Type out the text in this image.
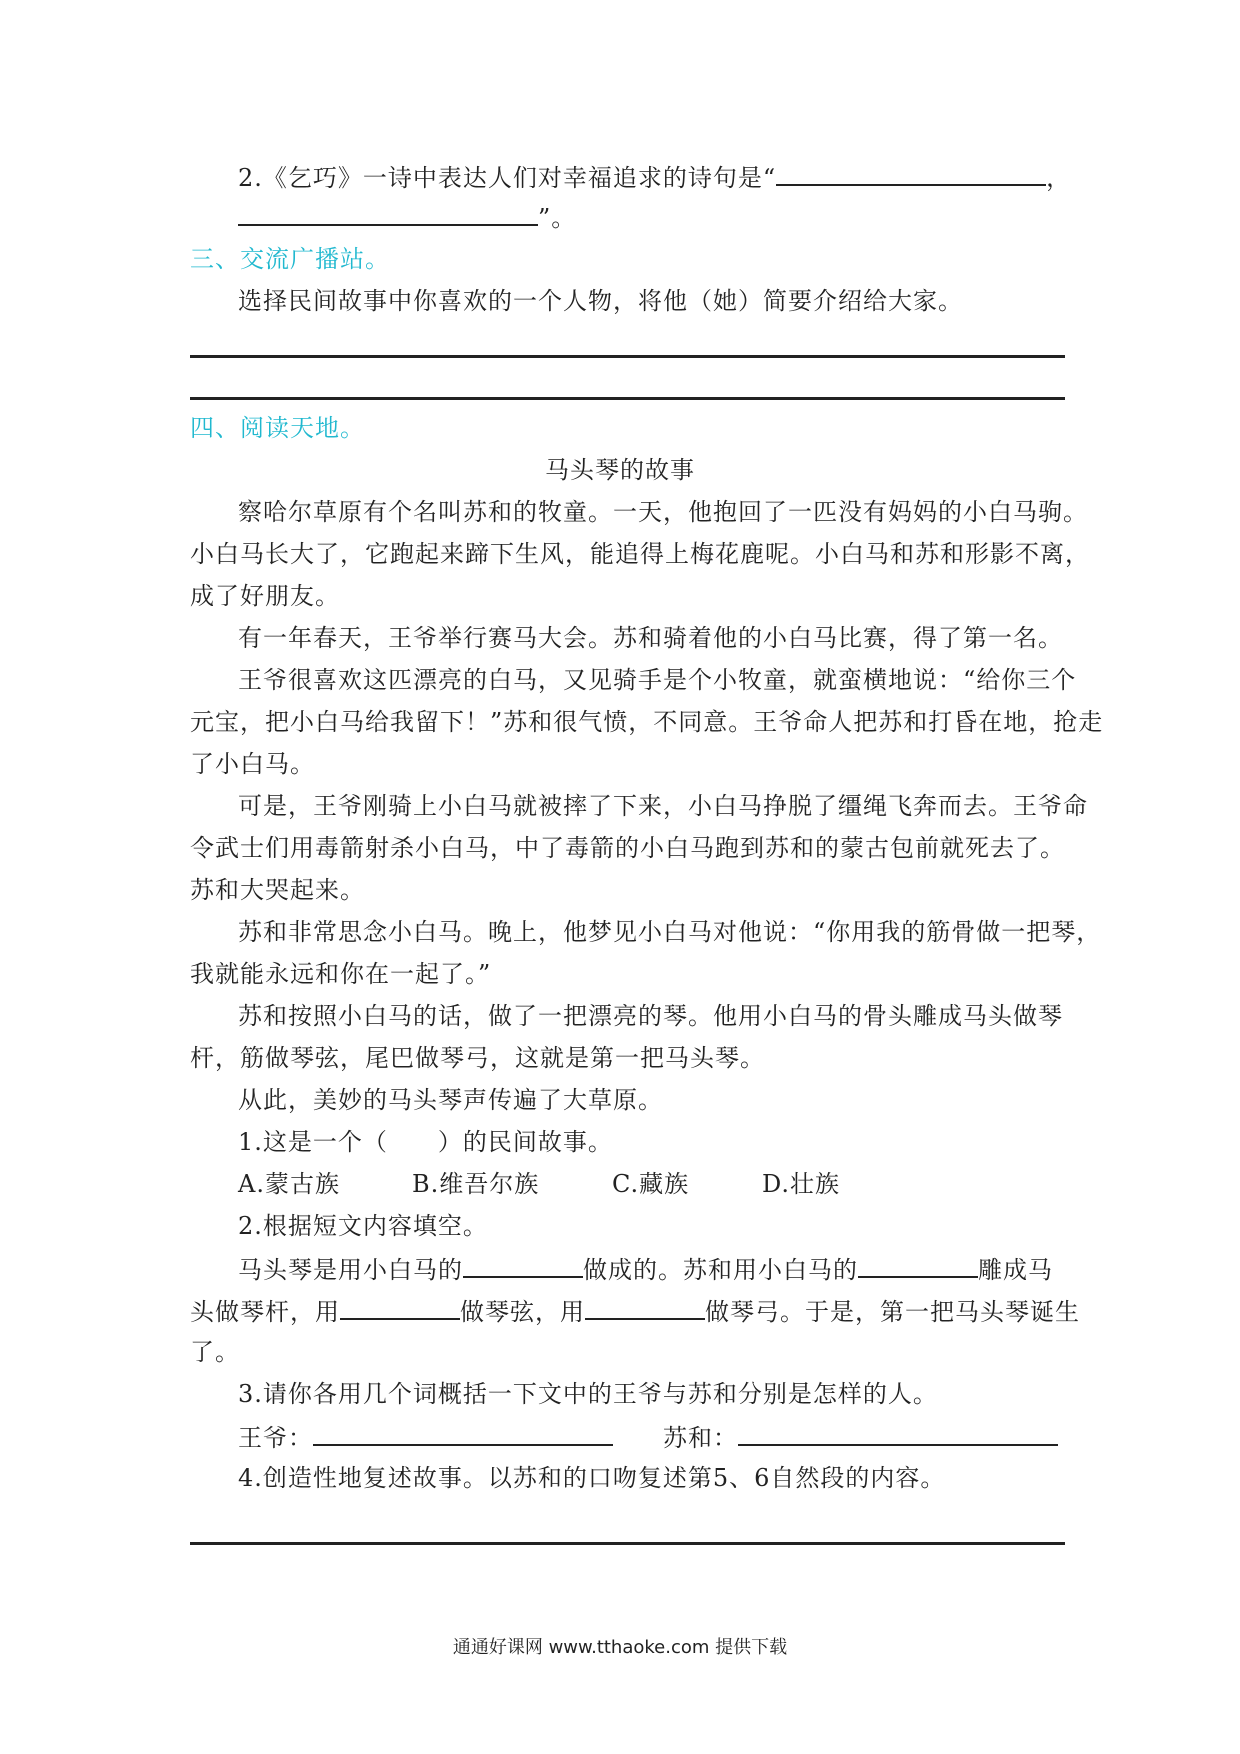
2.《乞巧》一诗中表达人们对幸福追求的诗句是“	，
”。
三、交流广播站。
选择民间故事中你喜欢的一个人物，将他（她）简要介绍给大家。
四、阅读天地。
马头琴的故事
察哈尔草原有个名叫苏和的牧童。一天，他抱回了一匹没有妈妈的小白马驹。
小白马长大了，它跑起来蹄下生风，能追得上梅花鹿呢。小白马和苏和形影不离，
成了好朋友。
有一年春天，王爷举行赛马大会。苏和骑着他的小白马比赛，得了第一名。
王爷很喜欢这匹漂亮的白马，又见骑手是个小牧童，就蛮横地说：“给你三个
元宝，把小白马给我留下！”苏和很气愤，不同意。王爷命人把苏和打昏在地，抢走
了小白马。
可是，王爷刚骑上小白马就被摔了下来，小白马挣脱了缰绳飞奔而去。王爷命
令武士们用毒箭射杀小白马，中了毒箭的小白马跑到苏和的蒙古包前就死去了。
苏和大哭起来。
苏和非常思念小白马。晚上，他梦见小白马对他说：“你用我的筋骨做一把琴，
我就能永远和你在一起了。”
苏和按照小白马的话，做了一把漂亮的琴。他用小白马的骨头雕成马头做琴
杆，筋做琴弦，尾巴做琴弓，这就是第一把马头琴。
从此，美妙的马头琴声传遍了大草原。
1.这是一个（　　）的民间故事。
A.蒙古族	B.维吾尔族	C.藏族	D.壮族
2.根据短文内容填空。
马头琴是用小白马的	做成的。苏和用小白马的	雕成马
头做琴杆，用	做琴弦，用	做琴弓。于是，第一把马头琴诞生
了。
3.请你各用几个词概括一下文中的王爷与苏和分别是怎样的人。
王爷：	苏和：
4.创造性地复述故事。以苏和的口吻复述第5、6自然段的内容。
通通好课网 www.tthaoke.com 提供下载
